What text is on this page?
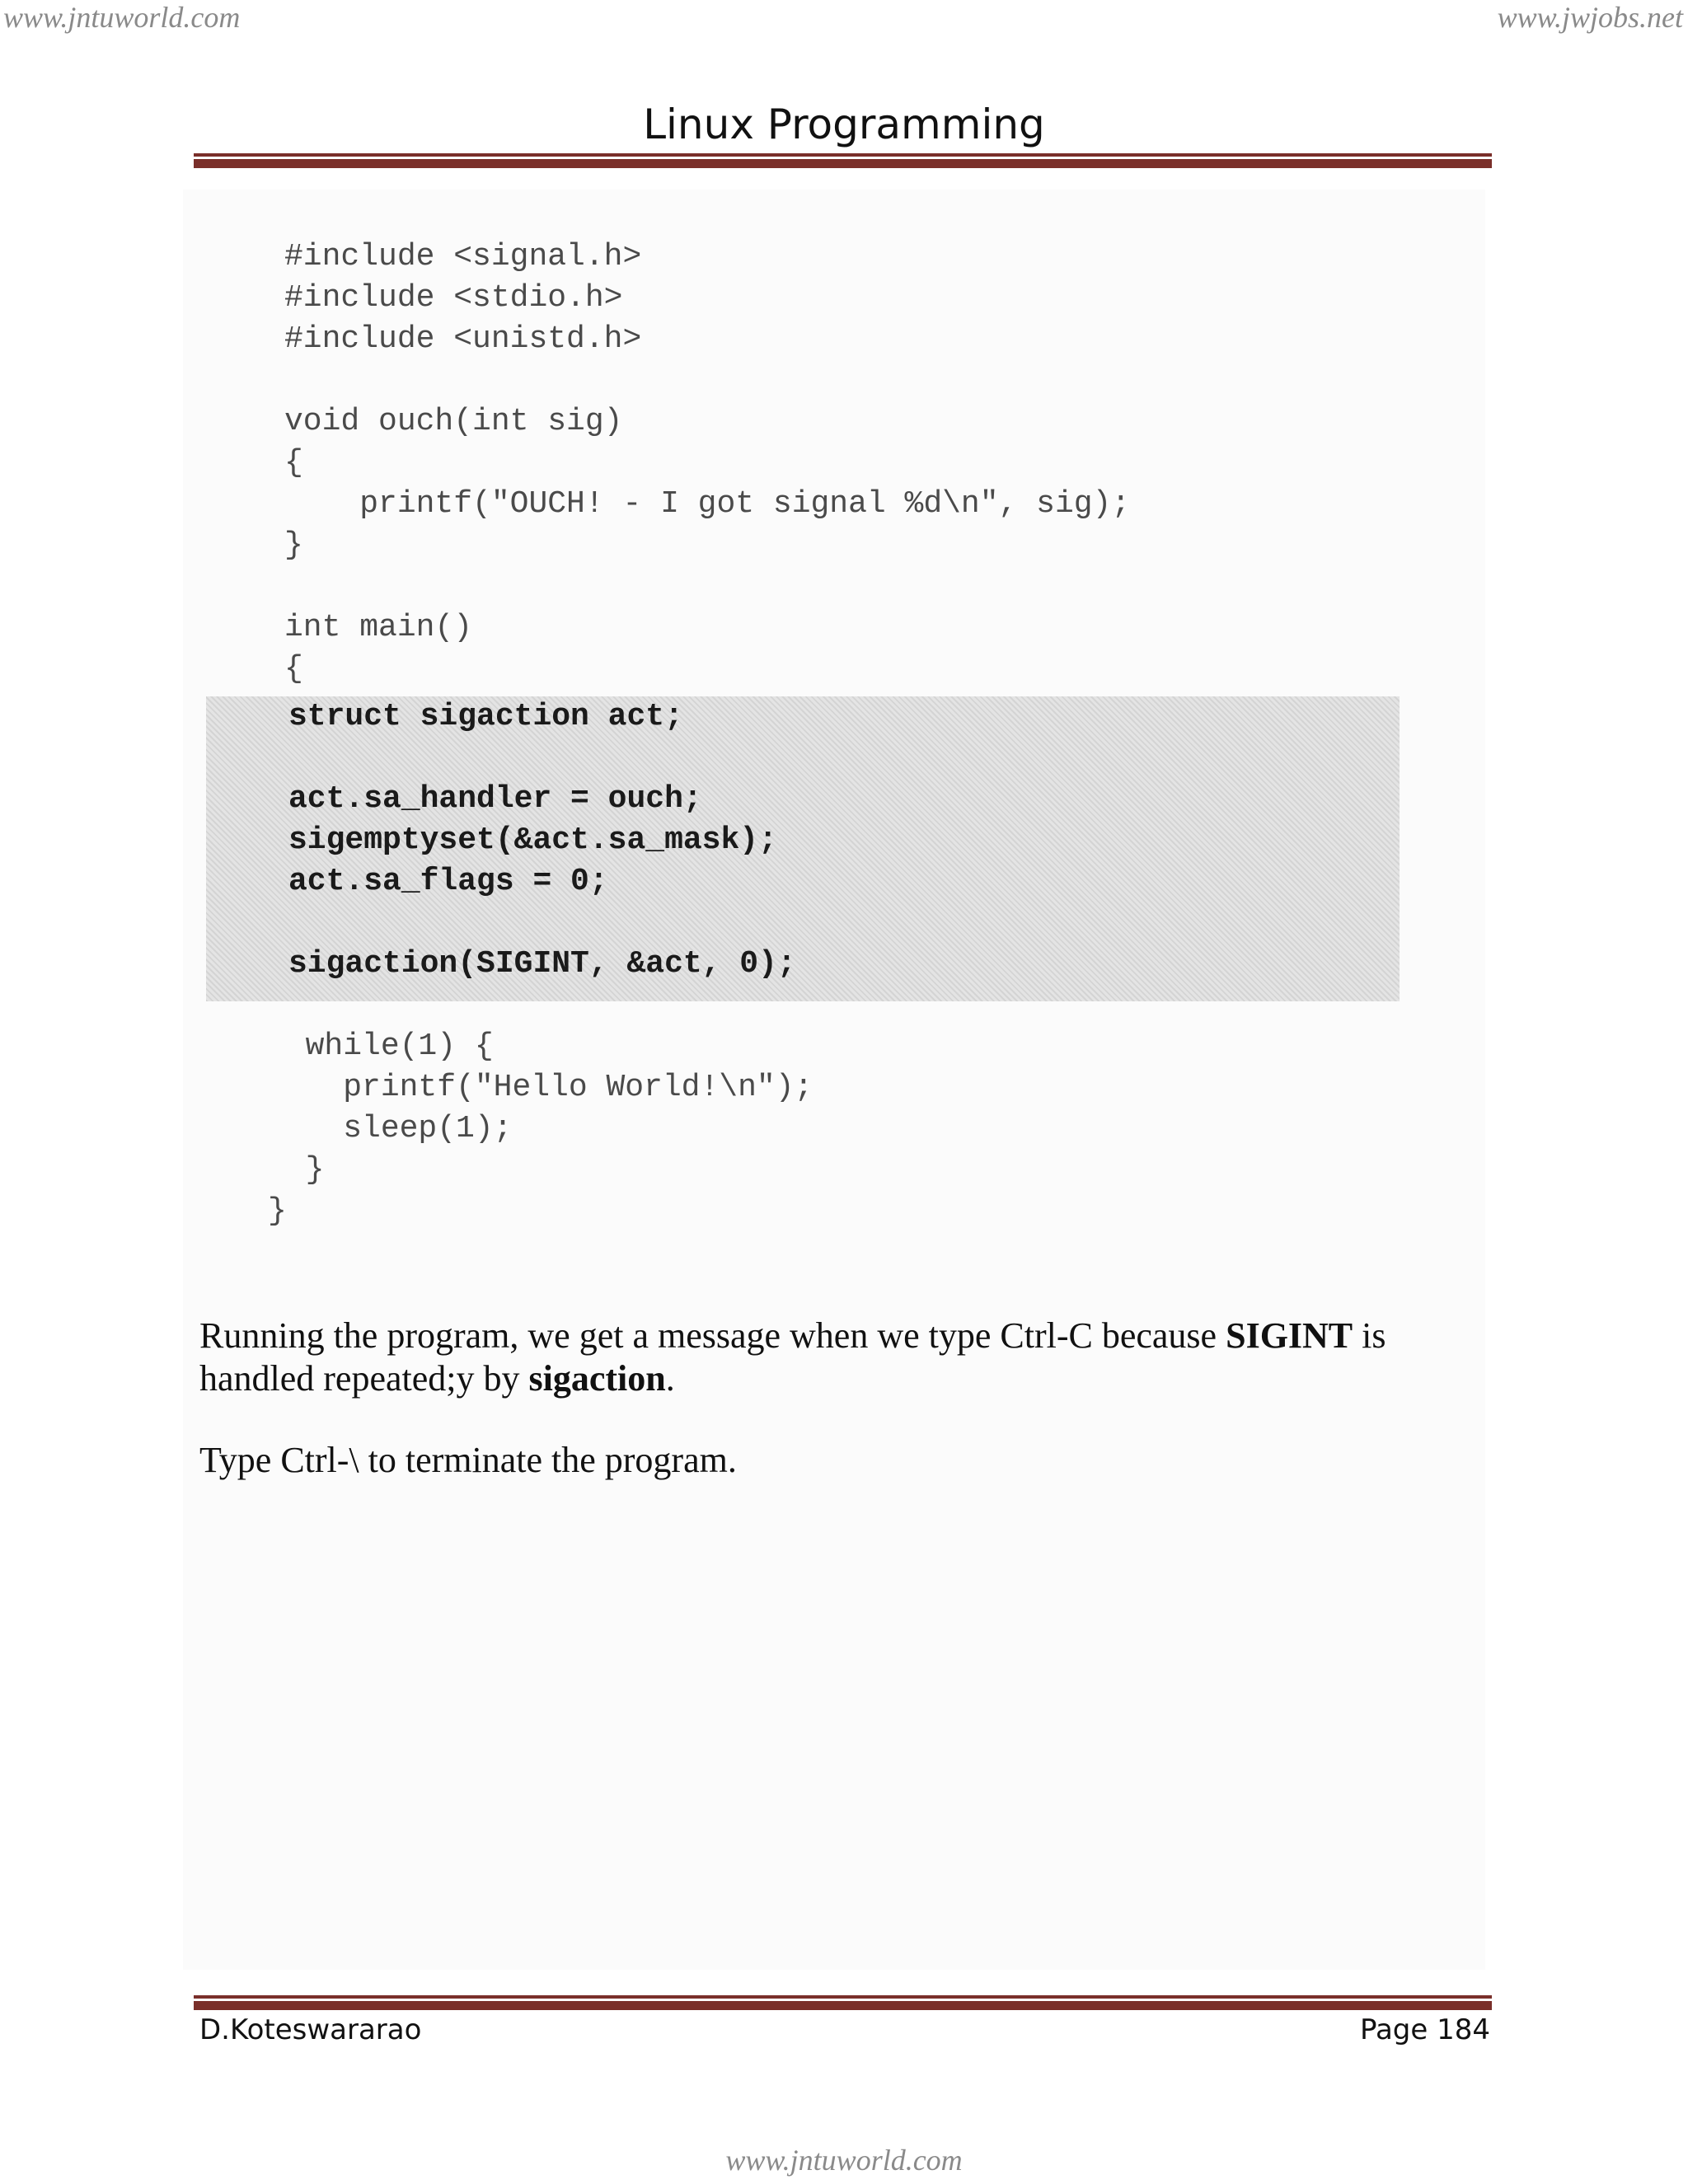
www.jntuworld.com	www.jwjobs.net
Linux Programming
#include <signal.h>
#include <stdio.h>
#include <unistd.h>

void ouch(int sig)
{
printf("OUCH! - I got signal %d\n", sig);
}

int main()
{
struct sigaction act;

act.sa_handler = ouch;
sigemptyset(&act.sa_mask);
act.sa_flags = 0;

sigaction(SIGINT, &act, 0);
while(1) {
printf("Hello World!\n");
sleep(1);
}
}

Running the program, we get a message when we type Ctrl-C because SIGINT is handled repeated;y by sigaction.

Type Ctrl-\ to terminate the program.

D.Koteswararao	Page 184
www.jntuworld.com
